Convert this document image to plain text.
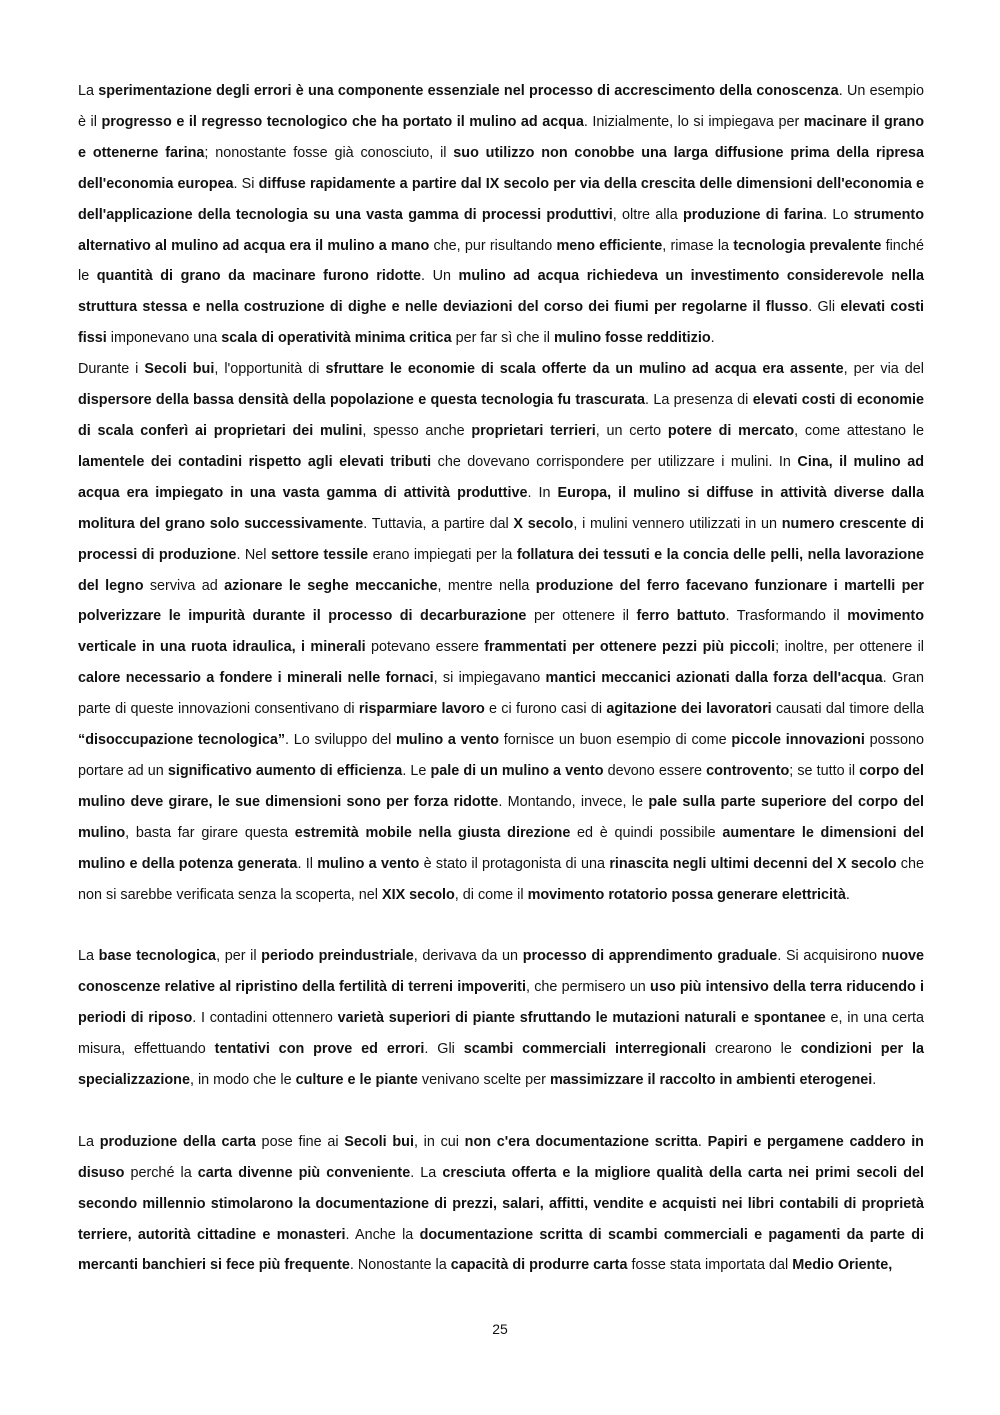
La sperimentazione degli errori è una componente essenziale nel processo di accrescimento della conoscenza. Un esempio è il progresso e il regresso tecnologico che ha portato il mulino ad acqua. Inizialmente, lo si impiegava per macinare il grano e ottenerne farina; nonostante fosse già conosciuto, il suo utilizzo non conobbe una larga diffusione prima della ripresa dell'economia europea. Si diffuse rapidamente a partire dal IX secolo per via della crescita delle dimensioni dell'economia e dell'applicazione della tecnologia su una vasta gamma di processi produttivi, oltre alla produzione di farina. Lo strumento alternativo al mulino ad acqua era il mulino a mano che, pur risultando meno efficiente, rimase la tecnologia prevalente finché le quantità di grano da macinare furono ridotte. Un mulino ad acqua richiedeva un investimento considerevole nella struttura stessa e nella costruzione di dighe e nelle deviazioni del corso dei fiumi per regolarne il flusso. Gli elevati costi fissi imponevano una scala di operatività minima critica per far sì che il mulino fosse redditizio.

Durante i Secoli bui, l'opportunità di sfruttare le economie di scala offerte da un mulino ad acqua era assente, per via del dispersore della bassa densità della popolazione e questa tecnologia fu trascurata. La presenza di elevati costi di economie di scala conferì ai proprietari dei mulini, spesso anche proprietari terrieri, un certo potere di mercato, come attestano le lamentele dei contadini rispetto agli elevati tributi che dovevano corrispondere per utilizzare i mulini. In Cina, il mulino ad acqua era impiegato in una vasta gamma di attività produttive. In Europa, il mulino si diffuse in attività diverse dalla molitura del grano solo successivamente. Tuttavia, a partire dal X secolo, i mulini vennero utilizzati in un numero crescente di processi di produzione. Nel settore tessile erano impiegati per la follatura dei tessuti e la concia delle pelli, nella lavorazione del legno serviva ad azionare le seghe meccaniche, mentre nella produzione del ferro facevano funzionare i martelli per polverizzare le impurità durante il processo di decarburazione per ottenere il ferro battuto. Trasformando il movimento verticale in una ruota idraulica, i minerali potevano essere frammentati per ottenere pezzi più piccoli; inoltre, per ottenere il calore necessario a fondere i minerali nelle fornaci, si impiegavano mantici meccanici azionati dalla forza dell'acqua. Gran parte di queste innovazioni consentivano di risparmiare lavoro e ci furono casi di agitazione dei lavoratori causati dal timore della “disoccupazione tecnologica”. Lo sviluppo del mulino a vento fornisce un buon esempio di come piccole innovazioni possono portare ad un significativo aumento di efficienza. Le pale di un mulino a vento devono essere controvento; se tutto il corpo del mulino deve girare, le sue dimensioni sono per forza ridotte. Montando, invece, le pale sulla parte superiore del corpo del mulino, basta far girare questa estremità mobile nella giusta direzione ed è quindi possibile aumentare le dimensioni del mulino e della potenza generata. Il mulino a vento è stato il protagonista di una rinascita negli ultimi decenni del X secolo che non si sarebbe verificata senza la scoperta, nel XIX secolo, di come il movimento rotatorio possa generare elettricità.

La base tecnologica, per il periodo preindustriale, derivava da un processo di apprendimento graduale. Si acquisirono nuove conoscenze relative al ripristino della fertilità di terreni impoveriti, che permisero un uso più intensivo della terra riducendo i periodi di riposo. I contadini ottennero varietà superiori di piante sfruttando le mutazioni naturali e spontanee e, in una certa misura, effettuando tentativi con prove ed errori. Gli scambi commerciali interregionali crearono le condizioni per la specializzazione, in modo che le culture e le piante venivano scelte per massimizzare il raccolto in ambienti eterogenei.

La produzione della carta pose fine ai Secoli bui, in cui non c'era documentazione scritta. Papiri e pergamene caddero in disuso perché la carta divenne più conveniente. La cresciuta offerta e la migliore qualità della carta nei primi secoli del secondo millennio stimolarono la documentazione di prezzi, salari, affitti, vendite e acquisti nei libri contabili di proprietà terriere, autorità cittadine e monasteri. Anche la documentazione scritta di scambi commerciali e pagamenti da parte di mercanti banchieri si fece più frequente. Nonostante la capacità di produrre carta fosse stata importata dal Medio Oriente,

25
